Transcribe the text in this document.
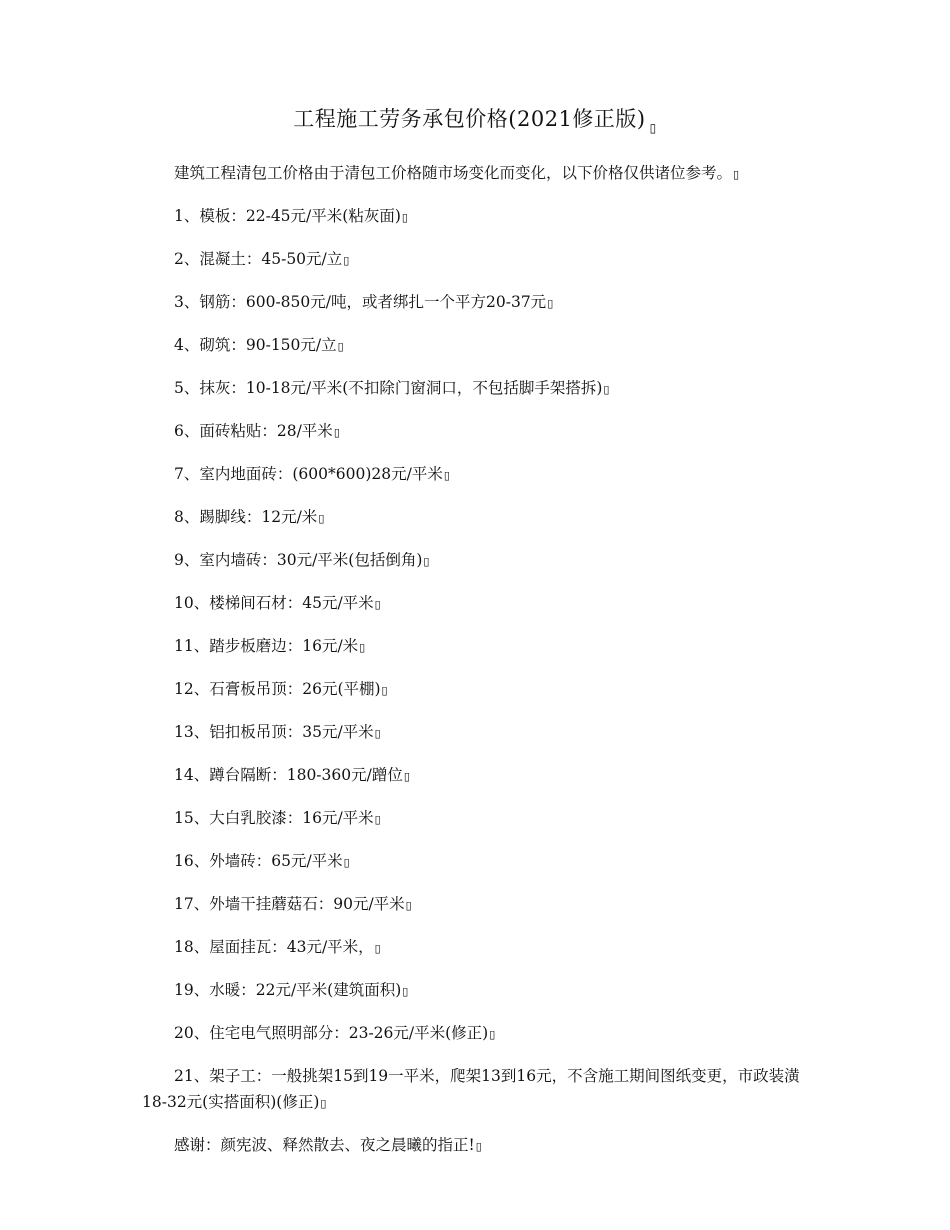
工程施工劳务承包价格(2021修正版) $_▯$

建筑工程清包工价格由于清包工价格随市场变化而变化，以下价格仅供诸位参考。▯

1、模板：22-45元/平米(粘灰面)▯

2、混凝土：45-50元/立▯

3、钢筋：600-850元/吨，或者绑扎一个平方20-37元▯

4、砌筑：90-150元/立▯

5、抹灰：10-18元/平米(不扣除门窗洞口，不包括脚手架搭拆)▯

6、面砖粘贴：28/平米▯

7、室内地面砖：(600*600)28元/平米▯

8、踢脚线：12元/米▯

9、室内墙砖：30元/平米(包括倒角)▯

10、楼梯间石材：45元/平米▯

11、踏步板磨边：16元/米▯

12、石膏板吊顶：26元(平棚)▯

13、铝扣板吊顶：35元/平米▯

14、蹲台隔断：180-360元/蹭位▯

15、大白乳胶漆：16元/平米▯

16、外墙砖：65元/平米▯

17、外墙干挂蘑菇石：90元/平米▯

18、屋面挂瓦：43元/平米，▯

19、水暖：22元/平米(建筑面积)▯

20、住宅电气照明部分：23-26元/平米(修正)▯

21、架子工：一般挑架15到19一平米，爬架13到16元，不含施工期间图纸变更，市政装潢18-32元(实搭面积)(修正)▯

感谢：颜宪波、释然散去、夜之晨曦的指正!▯
